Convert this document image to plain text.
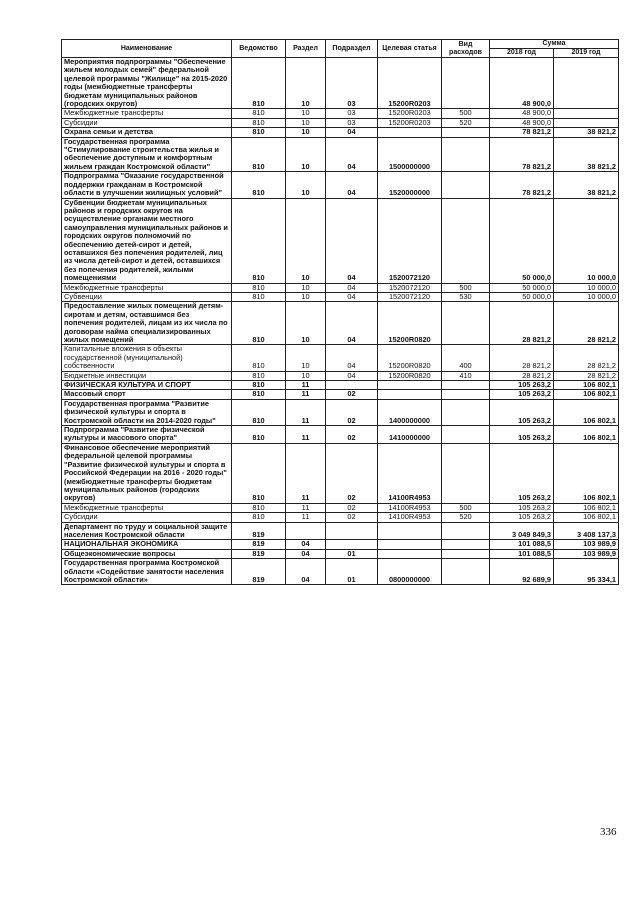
Наименование	Ведомство	Раздел	Подраздел	Целевая статья	Вид расходов	Сумма	
						2018 год	2019 год
Мероприятия подпрограммы "Обеспечение жильем молодых семей" федеральной целевой программы "Жилище" на 2015-2020 годы (межбюджетные трансферты бюджетам муниципальных районов (городских округов)	810	10	03	15200R0203		48 900,0	
Межбюджетные трансферты	810	10	03	15200R0203	500	48 900,0	
Субсидии	810	10	03	15200R0203	520	48 900,0	
Охрана семьи и детства	810	10	04			78 821,2	38 821,2
Государственная программа "Стимулирование строительства жилья и обеспечение доступным и комфортным жильем граждан Костромской области"	810	10	04	1500000000		78 821,2	38 821,2
Подпрограмма "Оказание государственной поддержки гражданам в Костромской области в улучшении жилищных условий"	810	10	04	1520000000		78 821,2	38 821,2
Субвенции бюджетам муниципальных районов и городских округов на осуществление органами местного самоуправления муниципальных районов и городских округов полномочий по обеспечению детей-сирот и детей, оставшихся без попечения родителей, лиц из числа детей-сирот и детей, оставшихся без попечения родителей, жилыми помещениями	810	10	04	1520072120		50 000,0	10 000,0
Межбюджетные трансферты	810	10	04	1520072120	500	50 000,0	10 000,0
Субвенции	810	10	04	1520072120	530	50 000,0	10 000,0
Предоставление жилых помещений детям-сиротам и детям, оставшимся без попечения родителей, лицам из их числа по договорам найма специализированных жилых помещений	810	10	04	15200R0820		28 821,2	28 821,2
Капитальные вложения в объекты государственной (муниципальной) собственности	810	10	04	15200R0820	400	28 821,2	28 821,2
Бюджетные инвестиции	810	10	04	15200R0820	410	28 821,2	28 821,2
ФИЗИЧЕСКАЯ КУЛЬТУРА И СПОРТ	810	11				105 263,2	106 802,1
Массовый спорт	810	11	02			105 263,2	106 802,1
Государственная программа "Развитие физической культуры и спорта в Костромской области на 2014-2020 годы"	810	11	02	1400000000		105 263,2	106 802,1
Подпрограмма "Развитие физической культуры и массового спорта"	810	11	02	1410000000		105 263,2	106 802,1
Финансовое обеспечение мероприятий федеральной целевой программы "Развитие физической культуры и спорта в Российской Федерации на 2016 - 2020 годы" (межбюджетные трансферты бюджетам муниципальных районов (городских округов)	810	11	02	14100R4953		105 263,2	106 802,1
Межбюджетные трансферты	810	11	02	14100R4953	500	105 263,2	106 802,1
Субсидии	810	11	02	14100R4953	520	105 263,2	106 802,1
Департамент по труду и социальной защите населения Костромской области	819					3 049 849,3	3 408 137,3
НАЦИОНАЛЬНАЯ ЭКОНОМИКА	819	04				101 088,5	103 989,9
Общеэкономические вопросы	819	04	01			101 088,5	103 989,9
Государственная программа Костромской области «Содействие занятости населения Костромской области»	819	04	01	0800000000		92 689,9	95 334,1
336
